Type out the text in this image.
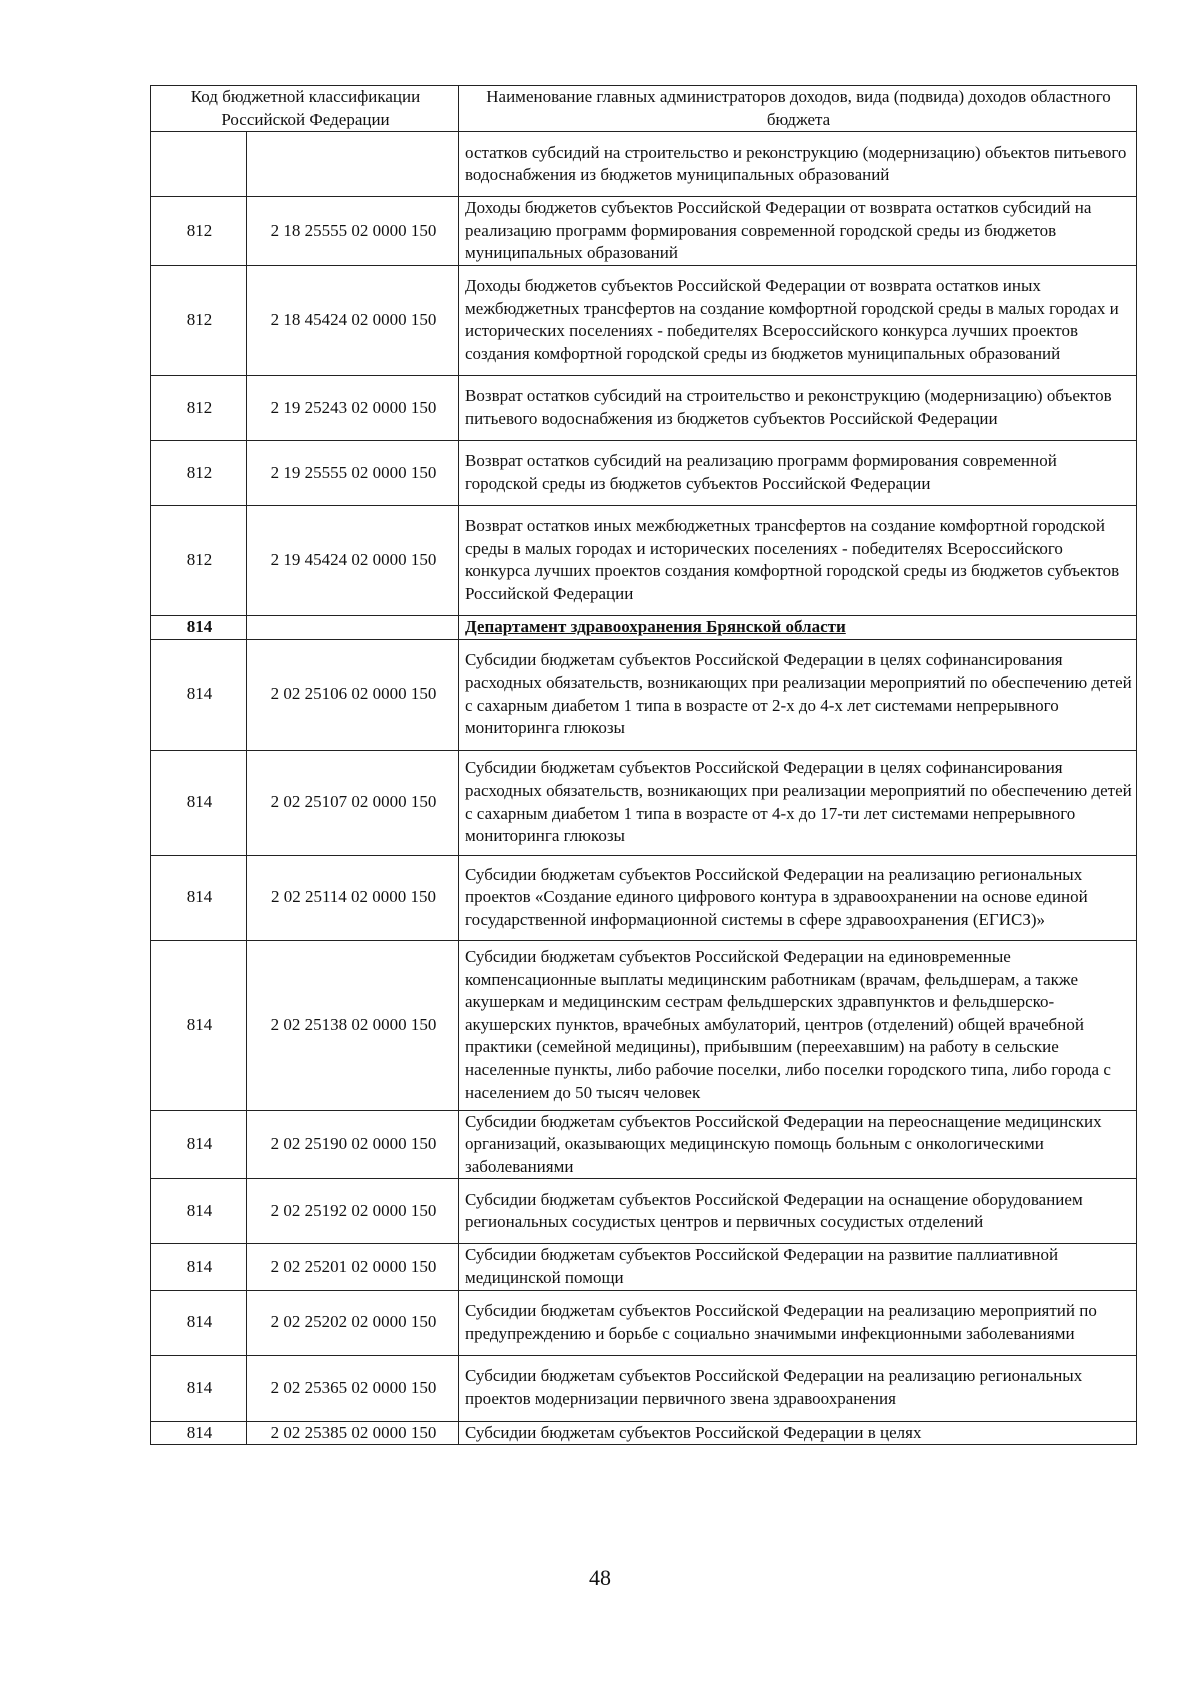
Код бюджетной классификации Российской Федерации		Наименование главных администраторов доходов, вида (подвида) доходов областного бюджета
		остатков субсидий на строительство и реконструкцию (модернизацию) объектов питьевого водоснабжения из бюджетов муниципальных образований
812	2 18 25555 02 0000 150	Доходы бюджетов субъектов Российской Федерации от возврата остатков субсидий на реализацию программ формирования современной городской среды из бюджетов муниципальных образований
812	2 18 45424 02 0000 150	Доходы бюджетов субъектов Российской Федерации от возврата остатков иных межбюджетных трансфертов на создание комфортной городской среды в малых городах и исторических поселениях - победителях Всероссийского конкурса лучших проектов создания комфортной городской среды из бюджетов муниципальных образований
812	2 19 25243 02 0000 150	Возврат остатков субсидий на строительство и реконструкцию (модернизацию) объектов питьевого водоснабжения из бюджетов субъектов Российской Федерации
812	2 19 25555 02 0000 150	Возврат остатков субсидий на реализацию программ формирования современной городской среды из бюджетов субъектов Российской Федерации
812	2 19 45424 02 0000 150	Возврат остатков иных межбюджетных трансфертов на создание комфортной городской среды в малых городах и исторических поселениях - победителях Всероссийского конкурса лучших проектов создания комфортной городской среды из бюджетов субъектов Российской Федерации
814		Департамент здравоохранения Брянской области
814	2 02 25106 02 0000 150	Субсидии бюджетам субъектов Российской Федерации в целях софинансирования расходных обязательств, возникающих при реализации мероприятий по обеспечению детей с сахарным диабетом 1 типа в возрасте от 2-х до 4-х лет системами непрерывного мониторинга глюкозы
814	2 02 25107 02 0000 150	Субсидии бюджетам субъектов Российской Федерации в целях софинансирования расходных обязательств, возникающих при реализации мероприятий по обеспечению детей с сахарным диабетом 1 типа в возрасте от 4-х до 17-ти лет системами непрерывного мониторинга глюкозы
814	2 02 25114 02 0000 150	Субсидии бюджетам субъектов Российской Федерации на реализацию региональных проектов «Создание единого цифрового контура в здравоохранении на основе единой государственной информационной системы в сфере здравоохранения (ЕГИСЗ)»
814	2 02 25138 02 0000 150	Субсидии бюджетам субъектов Российской Федерации на единовременные компенсационные выплаты медицинским работникам (врачам, фельдшерам, а также акушеркам и медицинским сестрам фельдшерских здравпунктов и фельдшерско-акушерских пунктов, врачебных амбулаторий, центров (отделений) общей врачебной практики (семейной медицины), прибывшим (переехавшим) на работу в сельские населенные пункты, либо рабочие поселки, либо поселки городского типа, либо города с населением до 50 тысяч человек
814	2 02 25190 02 0000 150	Субсидии бюджетам субъектов Российской Федерации на переоснащение медицинских организаций, оказывающих медицинскую помощь больным с онкологическими заболеваниями
814	2 02 25192 02 0000 150	Субсидии бюджетам субъектов Российской Федерации на оснащение оборудованием региональных сосудистых центров и первичных сосудистых отделений
814	2 02 25201 02 0000 150	Субсидии бюджетам субъектов Российской Федерации на развитие паллиативной медицинской помощи
814	2 02 25202 02 0000 150	Субсидии бюджетам субъектов Российской Федерации на реализацию мероприятий по предупреждению и борьбе с социально значимыми инфекционными заболеваниями
814	2 02 25365 02 0000 150	Субсидии бюджетам субъектов Российской Федерации на реализацию региональных проектов модернизации первичного звена здравоохранения
814	2 02 25385 02 0000 150	Субсидии бюджетам субъектов Российской Федерации в целях
48
